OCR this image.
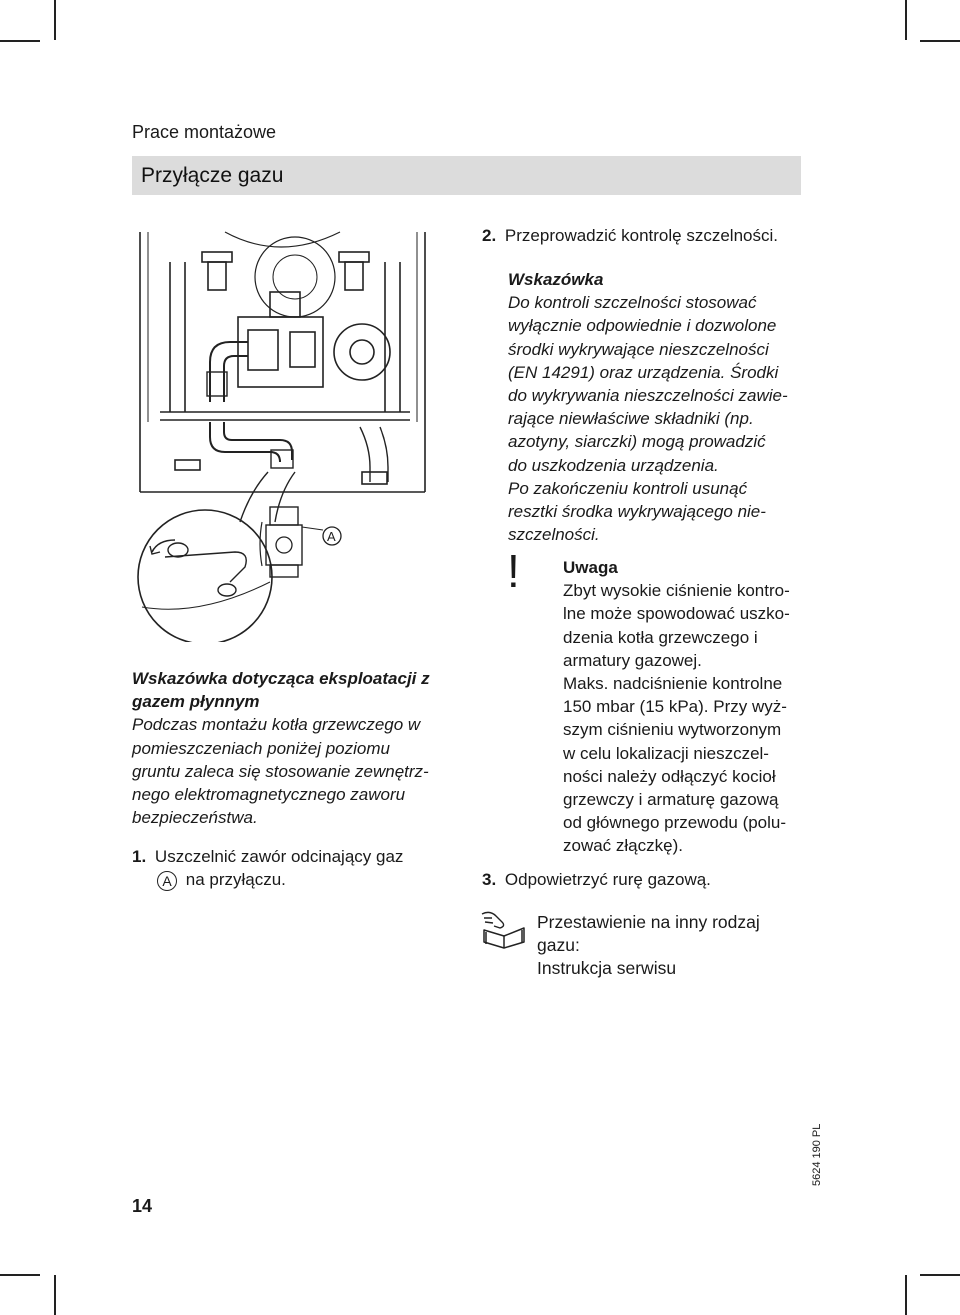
Prace montażowe
Przyłącze gazu
A
Wskazówka dotycząca eksploatacji z
gazem płynnym
Podczas montażu kotła grzewczego w
pomieszczeniach poniżej poziomu
gruntu zaleca się stosowanie zewnętrz-
nego elektromagnetycznego zaworu
bezpieczeństwa.
1. Uszczelnić zawór odcinający gaz
A na przyłączu.
2. Przeprowadzić kontrolę szczelności.
Wskazówka
Do kontroli szczelności stosować
wyłącznie odpowiednie i dozwolone
środki wykrywające nieszczelności
(EN 14291) oraz urządzenia. Środki
do wykrywania nieszczelności zawie-
rające niewłaściwe składniki (np.
azotyny, siarczki) mogą prowadzić
do uszkodzenia urządzenia.
Po zakończeniu kontroli usunąć
resztki środka wykrywającego nie-
szczelności.
!	Uwaga
Zbyt wysokie ciśnienie kontro-
lne może spowodować uszko-
dzenia kotła grzewczego i
armatury gazowej.
Maks. nadciśnienie kontrolne
150 mbar (15 kPa). Przy wyż-
szym ciśnieniu wytworzonym
w celu lokalizacji nieszczel-
ności należy odłączyć kocioł
grzewczy i armaturę gazową
od głównego przewodu (polu-
zować złączkę).
3. Odpowietrzyć rurę gazową.
Przestawienie na inny rodzaj
gazu:
Instrukcja serwisu
14
5624 190 PL
